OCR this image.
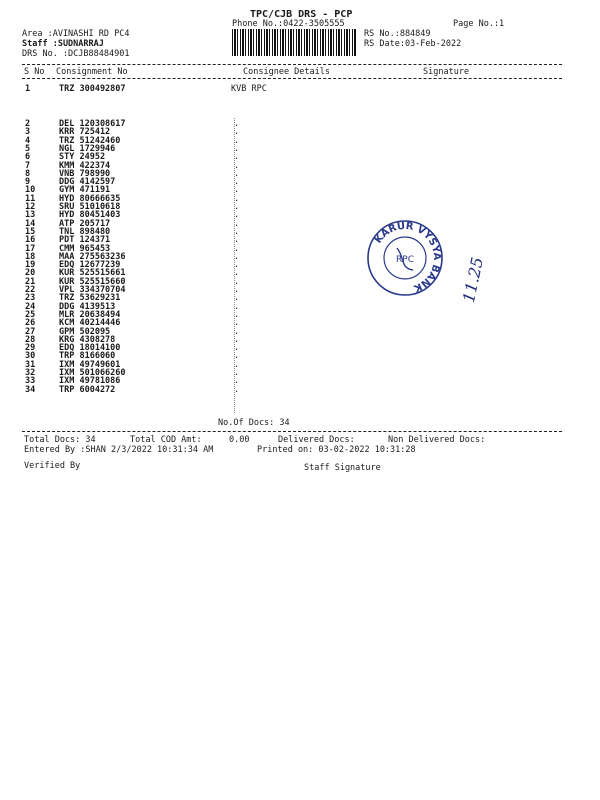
TPC/CJB DRS - PCP
Phone No.:0422-3505555	Page No.:1
Area :AVINASHI RD PC4
Staff :SUDNARRAJ
DRS No. :DCJB88484901
RS No.:884849
RS Date:03-Feb-2022
S No Consignment No	Consignee Details	Signature
1	TRZ 300492807	KVB RPC
2	DEL 120308617	.
3	KRR 725412	.
4	TRZ 51242460	.
5	NGL 1729946	.
6	STY 24952	.
7	KMM 422374	.
8	VNB 798990	.
9	DDG 4142597	.
10	GYM 471191	.
11	HYD 80666635	.
12	SRU 51010618	.
13	HYD 80451403	.
14	ATP 205717	.
15	TNL 898480	.
16	PDT 124371	.
17	CMM 965453	.
18	MAA 275563236	.
19	EDQ 12677239	.
20	KUR 525515661	.
21	KUR 525515660	.
22	VPL 334370704	.
23	TRZ 53629231	.
24	DDG 4139513	.
25	MLR 20638494	.
26	KCM 40214446	.
27	GPM 502095	.
28	KRG 4308278	.
29	EDQ 18014100	.
30	TRP 8166060	.
31	IXM 49749601	.
32	IXM 501066260	.
33	IXM 49781086	.
34	TRP 6004272	.
KARUR VYSYA BANK
RPC	11.25
No.Of Docs: 34
Total Docs: 34	Total COD Amt:	0.00	Delivered Docs:	Non Delivered Docs:
Entered By :SHAN 2/3/2022 10:31:34 AM	Printed on: 03-02-2022 10:31:28
Verified By	Staff Signature
